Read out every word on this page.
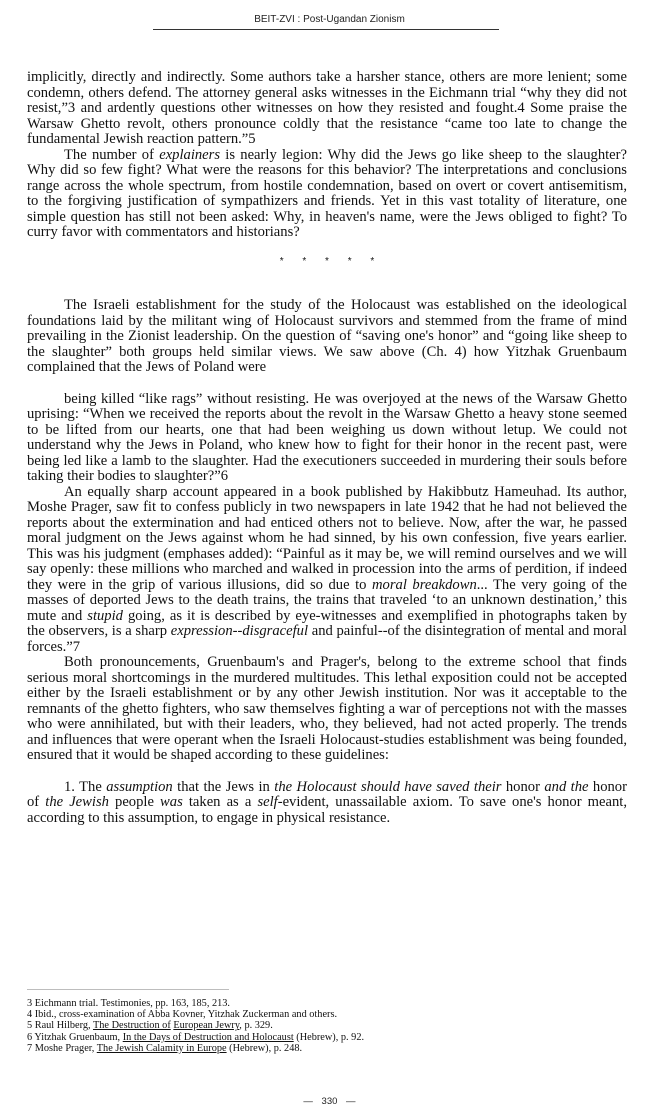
BEIT-ZVI : Post-Ugandan Zionism

implicitly, directly and indirectly. Some authors take a harsher stance, others are more lenient; some condemn, others defend. The attorney general asks witnesses in the Eichmann trial “why they did not resist,”3 and ardently questions other witnesses on how they resisted and fought.4 Some praise the Warsaw Ghetto revolt, others pronounce coldly that the resistance “came too late to change the fundamental Jewish reaction pattern.”5

The number of explainers is nearly legion: Why did the Jews go like sheep to the slaughter? Why did so few fight? What were the reasons for this behavior? The interpretations and conclusions range across the whole spectrum, from hostile condemnation, based on overt or covert antisemitism, to the forgiving justification of sympathizers and friends. Yet in this vast totality of literature, one simple question has still not been asked: Why, in heaven's name, were the Jews obliged to fight? To curry favor with commentators and historians?

* * * * *

The Israeli establishment for the study of the Holocaust was established on the ideological foundations laid by the militant wing of Holocaust survivors and stemmed from the frame of mind prevailing in the Zionist leadership. On the question of “saving one's honor” and “going like sheep to the slaughter” both groups held similar views. We saw above (Ch. 4) how Yitzhak Gruenbaum complained that the Jews of Poland were

being killed “like rags” without resisting. He was overjoyed at the news of the Warsaw Ghetto uprising: “When we received the reports about the revolt in the Warsaw Ghetto a heavy stone seemed to be lifted from our hearts, one that had been weighing us down without letup. We could not understand why the Jews in Poland, who knew how to fight for their honor in the recent past, were being led like a lamb to the slaughter. Had the executioners succeeded in murdering their souls before taking their bodies to slaughter?”6

An equally sharp account appeared in a book published by Hakibbutz Hameuhad. Its author, Moshe Prager, saw fit to confess publicly in two newspapers in late 1942 that he had not believed the reports about the extermination and had enticed others not to believe. Now, after the war, he passed moral judgment on the Jews against whom he had sinned, by his own confession, five years earlier. This was his judgment (emphases added): “Painful as it may be, we will remind ourselves and we will say openly: these millions who marched and walked in procession into the arms of perdition, if indeed they were in the grip of various illusions, did so due to moral breakdown... The very going of the masses of deported Jews to the death trains, the trains that traveled ‘to an unknown destination,’ this mute and stupid going, as it is described by eye-witnesses and exemplified in photographs taken by the observers, is a sharp expression--disgraceful and painful--of the disintegration of mental and moral forces.”7

Both pronouncements, Gruenbaum's and Prager's, belong to the extreme school that finds serious moral shortcomings in the murdered multitudes. This lethal exposition could not be accepted either by the Israeli establishment or by any other Jewish institution. Nor was it acceptable to the remnants of the ghetto fighters, who saw themselves fighting a war of perceptions not with the masses who were annihilated, but with their leaders, who, they believed, had not acted properly. The trends and influences that were operant when the Israeli Holocaust-studies establishment was being founded, ensured that it would be shaped according to these guidelines:

1. The assumption that the Jews in the Holocaust should have saved their honor and the honor of the Jewish people was taken as a self-evident, unassailable axiom. To save one's honor meant, according to this assumption, to engage in physical resistance.

3 Eichmann trial. Testimonies, pp. 163, 185, 213.
4 Ibid., cross-examination of Abba Kovner, Yitzhak Zuckerman and others.
5 Raul Hilberg, The Destruction of European Jewry, p. 329.
6 Yitzhak Gruenbaum, In the Days of Destruction and Holocaust (Hebrew), p. 92.
7 Moshe Prager, The Jewish Calamity in Europe (Hebrew), p. 248.
— 330 —
